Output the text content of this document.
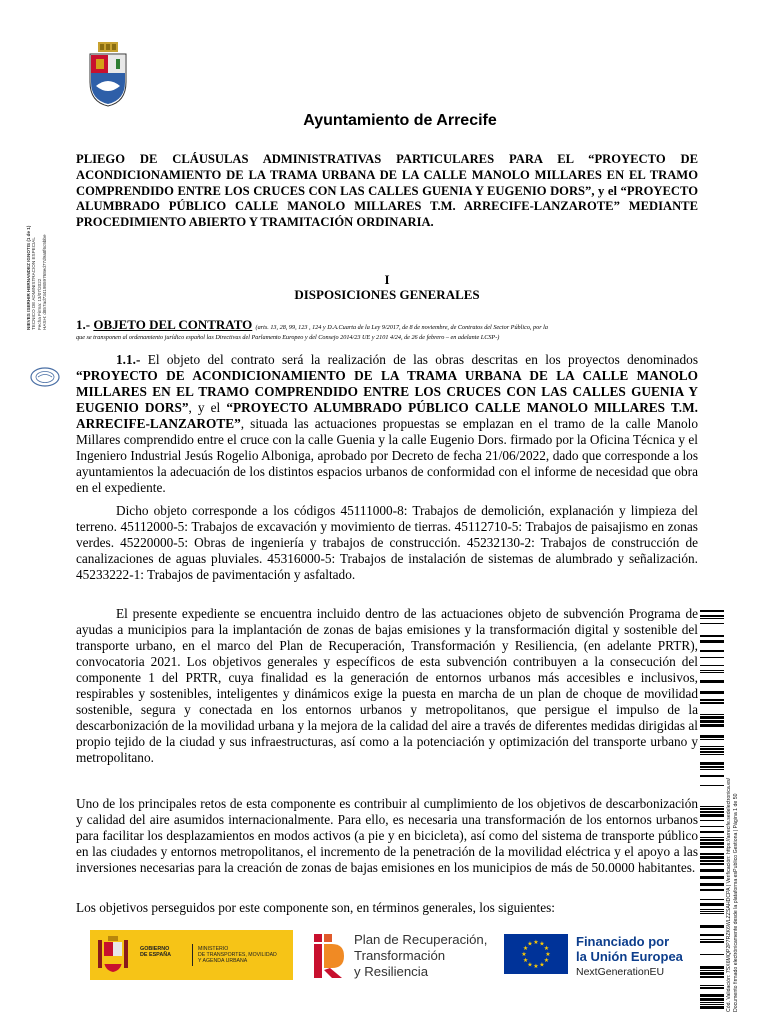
Ayuntamiento de Arrecife
NIEVES ISERHIR HERNANDEZ IGNOTIS (1 de 1) TECNICO DE ADMINISTRACION ESPECIAL Fecha Firma: 13/07/2022 HASH: d857ad73419859768ed77d9a8f6c5bbe
PLIEGO DE CLÁUSULAS ADMINISTRATIVAS PARTICULARES PARA EL “PROYECTO DE ACONDICIONAMIENTO DE LA TRAMA URBANA DE LA CALLE MANOLO MILLARES EN EL TRAMO COMPRENDIDO ENTRE LOS CRUCES CON LAS CALLES GUENIA Y EUGENIO DORS”, y el “PROYECTO ALUMBRADO PÚBLICO CALLE MANOLO MILLARES T.M. ARRECIFE-LANZAROTE” MEDIANTE PROCEDIMIENTO ABIERTO Y TRAMITACIÓN ORDINARIA.
I
DISPOSICIONES GENERALES
1.- OBJETO DEL CONTRATO (arts. 13, 28, 99, 123 , 124 y D.A.Cuarta de la Ley 9/2017, de 8 de noviembre, de Contratos del Sector Público, por la
que se transponen al ordenamiento jurídico español las Directivas del Parlamento Europeo y del Consejo 2014/23 UE y 2101 4/24, de 26 de febrero – en adelante LCSP-)
1.1.- El objeto del contrato será la realización de las obras descritas en los proyectos denominados “PROYECTO DE ACONDICIONAMIENTO DE LA TRAMA URBANA DE LA CALLE MANOLO MILLARES EN EL TRAMO COMPRENDIDO ENTRE LOS CRUCES CON LAS CALLES GUENIA Y EUGENIO DORS”, y el “PROYECTO ALUMBRADO PÚBLICO CALLE MANOLO MILLARES T.M. ARRECIFE-LANZAROTE”, situada las actuaciones propuestas se emplazan en el tramo de la calle Manolo Millares comprendido entre el cruce con la calle Guenia y la calle Eugenio Dors. firmado por la Oficina Técnica y el Ingeniero Industrial Jesús Rogelio Alboniga, aprobado por Decreto de fecha 21/06/2022, dado que corresponde a los ayuntamientos la adecuación de los distintos espacios urbanos de conformidad con el informe de necesidad que obra en el expediente.
Dicho objeto corresponde a los códigos 45111000-8: Trabajos de demolición, explanación y limpieza del terreno. 45112000-5: Trabajos de excavación y movimiento de tierras. 45112710-5: Trabajos de paisajismo en zonas verdes. 45220000-5: Obras de ingeniería y trabajos de construcción. 45232130-2: Trabajos de construcción de canalizaciones de aguas pluviales. 45316000-5: Trabajos de instalación de sistemas de alumbrado y señalización. 45233222-1: Trabajos de pavimentación y asfaltado.
El presente expediente se encuentra incluido dentro de las actuaciones objeto de subvención Programa de ayudas a municipios para la implantación de zonas de bajas emisiones y la transformación digital y sostenible del transporte urbano, en el marco del Plan de Recuperación, Transformación y Resiliencia, (en adelante PRTR), convocatoria 2021. Los objetivos generales y específicos de esta subvención contribuyen a la consecución del componente 1 del PRTR, cuya finalidad es la generación de entornos urbanos más accesibles e inclusivos, respirables y sostenibles, inteligentes y dinámicos exige la puesta en marcha de un plan de choque de movilidad sostenible, segura y conectada en los entornos urbanos y metropolitanos, que persigue el impulso de la descarbonización de la movilidad urbana y la mejora de la calidad del aire a través de diferentes medidas dirigidas al propio tejido de la ciudad y sus infraestructuras, así como a la potenciación y optimización del transporte urbano y metropolitano.
Uno de los principales retos de esta componente es contribuir al cumplimiento de los objetivos de descarbonización y calidad del aire asumidos internacionalmente. Para ello, es necesaria una transformación de los entornos urbanos para facilitar los desplazamientos en modos activos (a pie y en bicicleta), así como del sistema de transporte público en las ciudades y entornos metropolitanos, el incremento de la penetración de la movilidad eléctrica y el apoyo a las inversiones necesarias para la creación de zonas de bajas emisiones en los municipios de más de 50.0000 habitantes.
Los objetivos perseguidos por este componente son, en términos generales, los siguientes:	Cód. Validación: 7SX6MQP2P7RZK6WLZZSAHDCPA | Verificación: https://arrecife.sedelectronica.es/ Documento firmado electrónicamente desde la plataforma esPublico Gestiona | Página 1 de 50
GOBIERNO
DE ESPAÑA
MINISTERIO
DE TRANSPORTES, MOVILIDAD
Y AGENDA URBANA
Plan de Recuperación,
Transformación
y Resiliencia
★
★
★
★
★
★
★
★
★ ★ ★
★ Financiado por
la Unión Europea
NextGenerationEU
